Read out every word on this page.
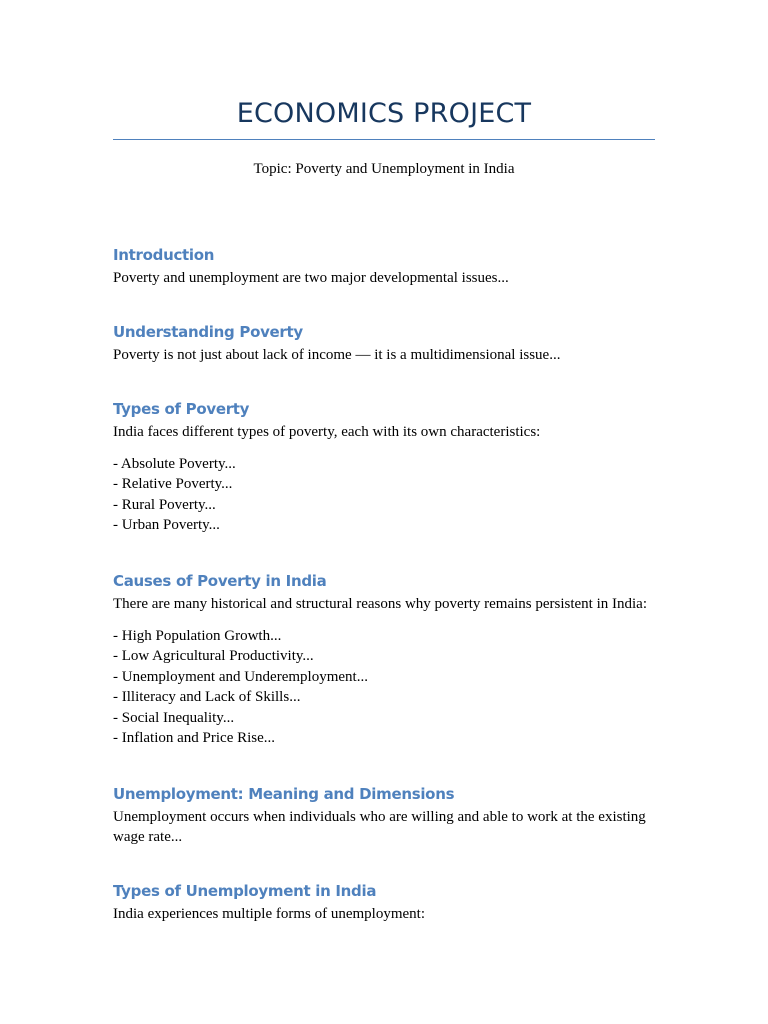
ECONOMICS PROJECT
Topic: Poverty and Unemployment in India
Introduction

Poverty and unemployment are two major developmental issues...

Understanding Poverty

Poverty is not just about lack of income — it is a multidimensional issue...

Types of Poverty

India faces different types of poverty, each with its own characteristics:

- Absolute Poverty...
- Relative Poverty...
- Rural Poverty...
- Urban Poverty...
Causes of Poverty in India

There are many historical and structural reasons why poverty remains persistent in India:

- High Population Growth...
- Low Agricultural Productivity...
- Unemployment and Underemployment...
- Illiteracy and Lack of Skills...
- Social Inequality...
- Inflation and Price Rise...
Unemployment: Meaning and Dimensions

Unemployment occurs when individuals who are willing and able to work at the existing wage rate...

Types of Unemployment in India

India experiences multiple forms of unemployment:
